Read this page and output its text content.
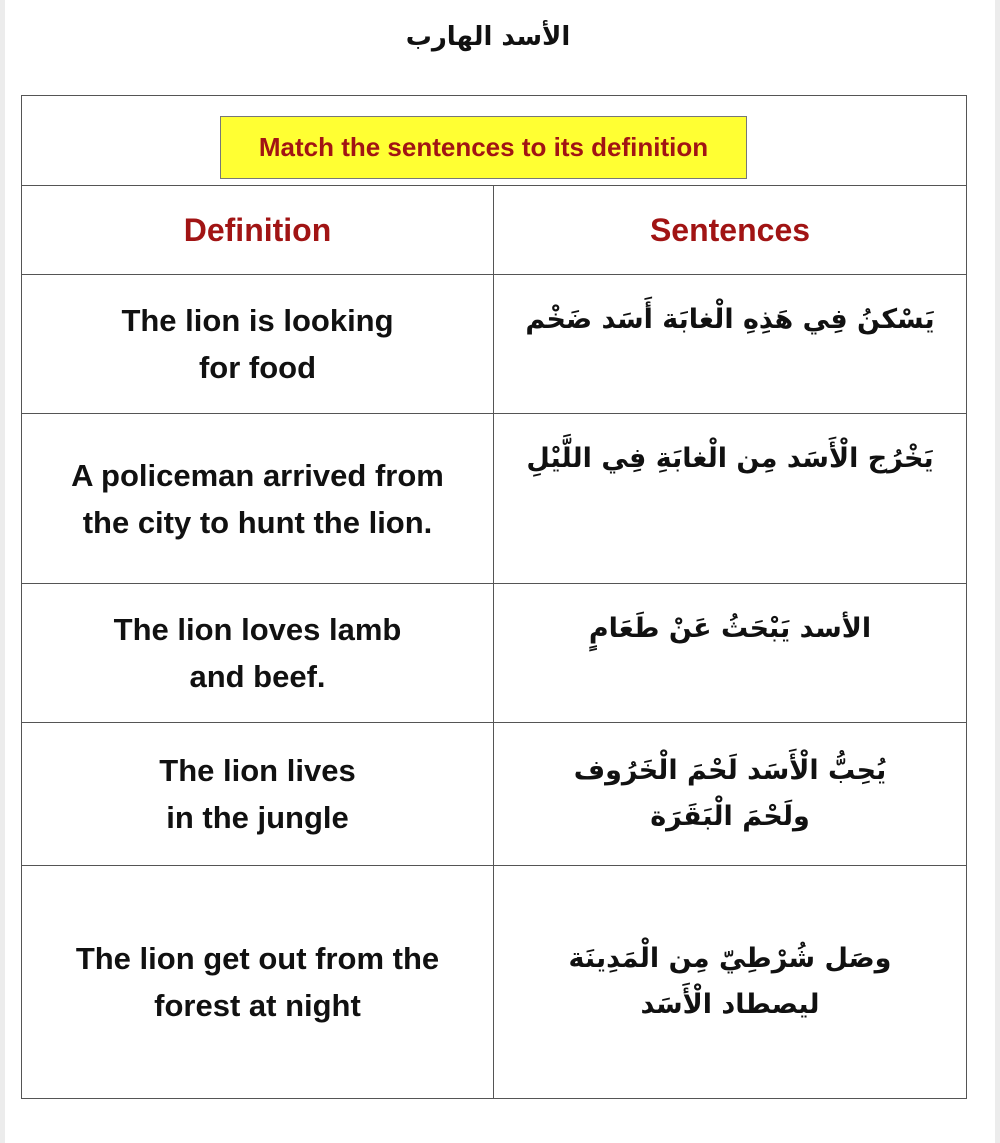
الأسد الهارب
Match the sentences to its definition
Definition	Sentences
The lion is looking
for food
يَسْكنُ فِي هَذِهِ الْغابَة أَسَد ضَخْم
A policeman arrived from
the city to hunt the lion.
يَخْرُج الْأَسَد مِن الْغابَةِ فِي اللَّيْلِ
The lion loves lamb
and beef.
الأسد يَبْحَثُ عَنْ طَعَامٍ
The lion lives
in the jungle
يُحِبُّ الْأَسَد لَحْمَ الْخَرُوف
ولَحْمَ الْبَقَرَة
The lion get out from the
forest at night
وصَل شُرْطِيّ مِن الْمَدِينَة
ليصطاد الْأَسَد
